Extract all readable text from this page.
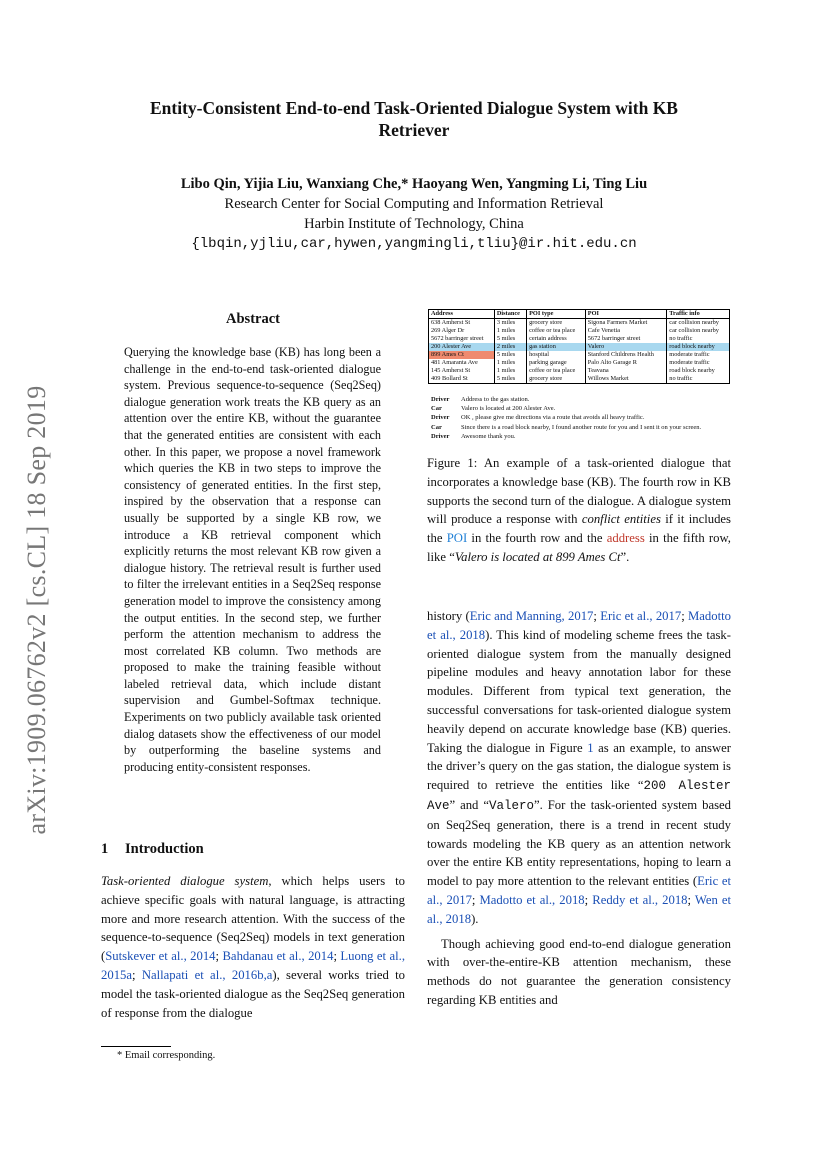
arXiv:1909.06762v2 [cs.CL] 18 Sep 2019
Entity-Consistent End-to-end Task-Oriented Dialogue System with KB
Retriever
Libo Qin, Yijia Liu, Wanxiang Che,* Haoyang Wen, Yangming Li, Ting Liu
Research Center for Social Computing and Information Retrieval
Harbin Institute of Technology, China
{lbqin,yjliu,car,hywen,yangmingli,tliu}@ir.hit.edu.cn
Abstract
Querying the knowledge base (KB) has long been a challenge in the end-to-end task-oriented dialogue system. Previous sequence-to-sequence (Seq2Seq) dialogue generation work treats the KB query as an attention over the entire KB, without the guarantee that the generated entities are consistent with each other. In this paper, we propose a novel framework which queries the KB in two steps to improve the consistency of generated entities. In the first step, inspired by the observation that a response can usually be supported by a single KB row, we introduce a KB retrieval component which explicitly returns the most relevant KB row given a dialogue history. The retrieval result is further used to filter the irrelevant entities in a Seq2Seq response generation model to improve the consistency among the output entities. In the second step, we further perform the attention mechanism to address the most correlated KB column. Two methods are proposed to make the training feasible without labeled retrieval data, which include distant supervision and Gumbel-Softmax technique. Experiments on two publicly available task oriented dialog datasets show the effectiveness of our model by outperforming the baseline systems and producing entity-consistent responses.
1 Introduction

Task-oriented dialogue system, which helps users to achieve specific goals with natural language, is attracting more and more research attention. With the success of the sequence-to-sequence (Seq2Seq) models in text generation (Sutskever et al., 2014; Bahdanau et al., 2014; Luong et al., 2015a; Nallapati et al., 2016b,a), several works tried to model the task-oriented dialogue as the Seq2Seq generation of response from the dialogue

* Email corresponding.
Address	Distance	POI type	POI	Traffic info
638 Amherst St	3 miles	grocery store	Sigona Farmers Market	car collision nearby
269 Alger Dr	1 miles	coffee or tea place	Cafe Venetia	car collision nearby
5672 barringer street	5 miles	certain address	5672 barringer street	no traffic
200 Alester Ave	2 miles	gas station	Valero	road block nearby
899 Ames Ct	5 miles	hospital	Stanford Childrens Health	moderate traffic
481 Amaranta Ave	1 miles	parking garage	Palo Alto Garage R	moderate traffic
145 Amherst St	1 miles	coffee or tea place	Teavana	road block nearby
409 Bollard St	5 miles	grocery store	Willows Market	no traffic
Driver Address to the gas station.
Car	Valero is located at 200 Alester Ave.
Driver OK , please give me directions via a route that avoids all heavy traffic.
Car	Since there is a road block nearby, I found another route for you and I sent it on your screen.
Driver Awesome thank you.
Figure 1: An example of a task-oriented dialogue that incorporates a knowledge base (KB). The fourth row in KB supports the second turn of the dialogue. A dialogue system will produce a response with conflict entities if it includes the POI in the fourth row and the address in the fifth row, like “Valero is located at 899 Ames Ct”.

history (Eric and Manning, 2017; Eric et al., 2017; Madotto et al., 2018). This kind of modeling scheme frees the task-oriented dialogue system from the manually designed pipeline modules and heavy annotation labor for these modules. Different from typical text generation, the successful conversations for task-oriented dialogue system heavily depend on accurate knowledge base (KB) queries. Taking the dialogue in Figure 1 as an example, to answer the driver’s query on the gas station, the dialogue system is required to retrieve the entities like “200 Alester Ave” and “Valero”. For the task-oriented system based on Seq2Seq generation, there is a trend in recent study towards modeling the KB query as an attention network over the entire KB entity representations, hoping to learn a model to pay more attention to the relevant entities (Eric et al., 2017; Madotto et al., 2018; Reddy et al., 2018; Wen et al., 2018).

Though achieving good end-to-end dialogue generation with over-the-entire-KB attention mechanism, these methods do not guarantee the generation consistency regarding KB entities and
